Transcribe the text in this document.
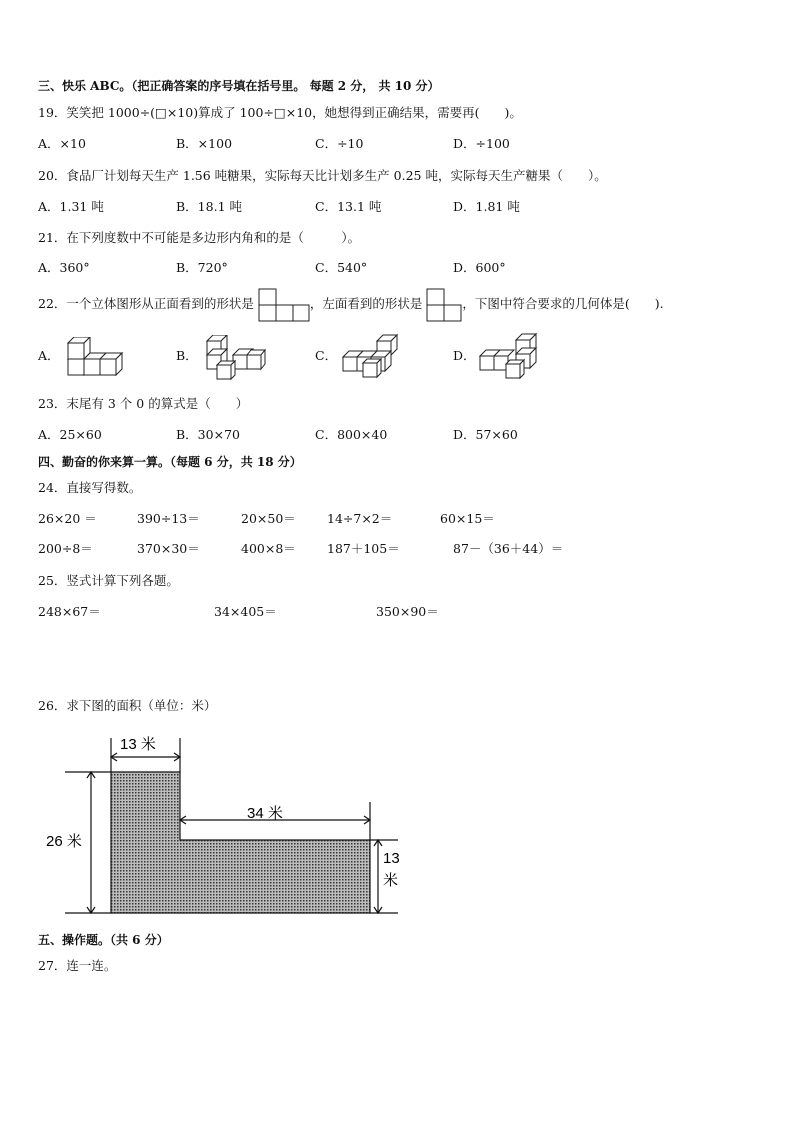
三、快乐 ABC。（把正确答案的序号填在括号里。 每题 2 分， 共 10 分）
19．笑笑把 1000÷(□×10)算成了 100÷□×10，她想得到正确结果，需要再(　　)。
A．×10	B．×100	C．÷10	D．÷100
20．食品厂计划每天生产 1.56 吨糖果，实际每天比计划多生产 0.25 吨，实际每天生产糖果（　　）。
A．1.31 吨	B．18.1 吨	C．13.1 吨	D．1.81 吨
21．在下列度数中不可能是多边形内角和的是（　　　）。
A．360°	B．720°	C．540°	D．600°
22．一个立体图形从正面看到的形状是	，左面看到的形状是	，下图中符合要求的几何体是(　　).
A．	B．	C．	D．
23．末尾有 3 个 0 的算式是（　　）
A．25×60	B．30×70	C．800×40	D．57×60
四、勤奋的你来算一算。（每题 6 分，共 18 分）
24．直接写得数。
26×20 ＝	390÷13＝	20×50＝ 14÷7×2＝	60×15＝
200÷8＝	370×30＝	400×8＝ 187＋105＝	87－（36＋44）＝
25．竖式计算下列各题。
248×67＝	34×405＝	350×90＝
26．求下图的面积（单位：米）
13 米
34 米
26 米
13
米
五、操作题。（共 6 分）
27．连一连。
